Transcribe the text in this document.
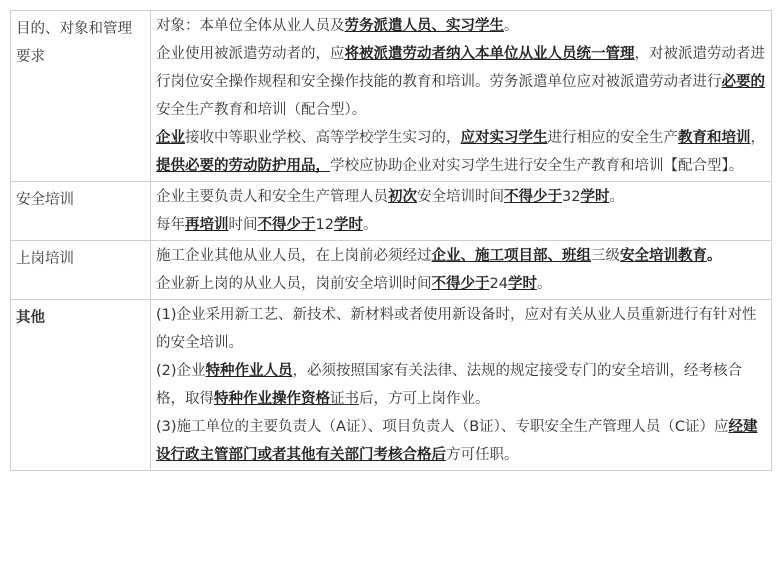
目的、对象和管理要求	对象：本单位全体从业人员及劳务派遣人员、实习学生。

企业使用被派遣劳动者的，应将被派遣劳动者纳入本单位从业人员统一管理，对被派遣劳动者进行岗位安全操作规程和安全操作技能的教育和培训。劳务派遣单位应对被派遣劳动者进行必要的安全生产教育和培训（配合型）。

企业接收中等职业学校、高等学校学生实习的，应对实习学生进行相应的安全生产教育和培训，提供必要的劳动防护用品，学校应协助企业对实习学生进行安全生产教育和培训【配合型】。

安全培训	企业主要负责人和安全生产管理人员初次安全培训时间不得少于32学时。

每年再培训时间不得少于12学时。

上岗培训	施工企业其他从业人员，在上岗前必须经过企业、施工项目部、班组三级安全培训教育。

企业新上岗的从业人员，岗前安全培训时间不得少于24学时。

其他	(1)企业采用新工艺、新技术、新材料或者使用新设备时，应对有关从业人员重新进行有针对性的安全培训。

(2)企业特种作业人员，必须按照国家有关法律、法规的规定接受专门的安全培训，经考核合格，取得特种作业操作资格证书后，方可上岗作业。

(3)施工单位的主要负责人（A证）、项目负责人（B证）、专职安全生产管理人员（C证）应经建设行政主管部门或者其他有关部门考核合格后方可任职。
